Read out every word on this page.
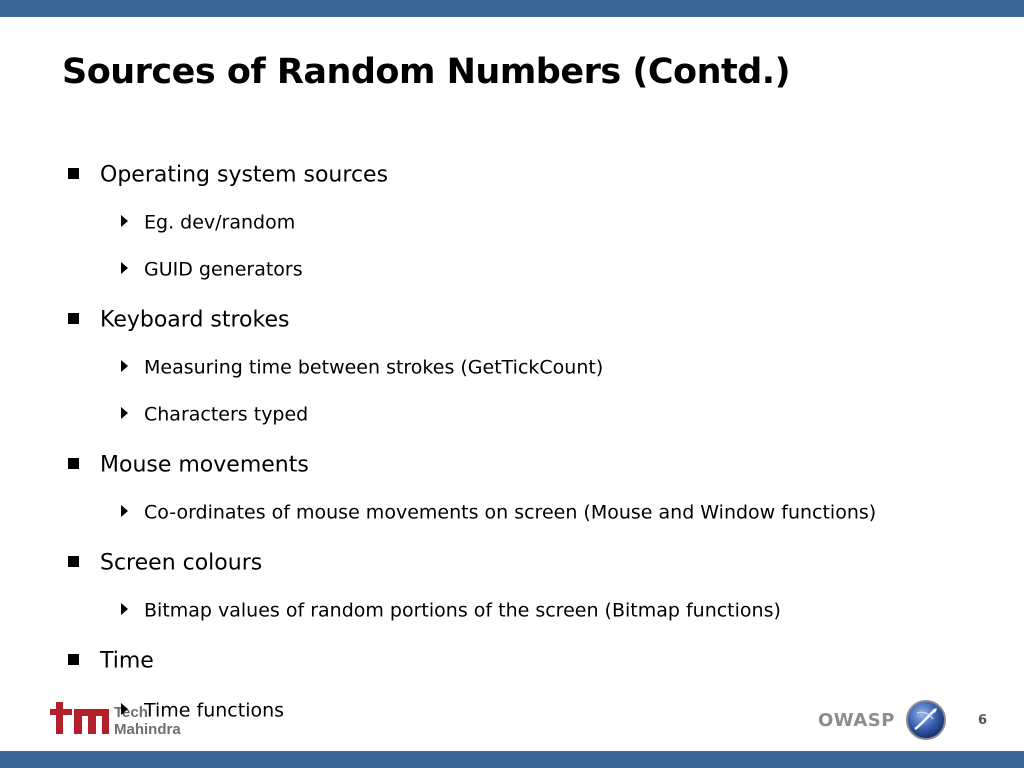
Sources of Random Numbers (Contd.)
Operating system sources
Eg. dev/random
GUID generators
Keyboard strokes
Measuring time between strokes (GetTickCount)
Characters typed
Mouse movements
Co-ordinates of mouse movements on screen (Mouse and Window functions)
Screen colours
Bitmap values of random portions of the screen (Bitmap functions)
Time
Tech
Mahindra
Time functions	OWASP	6
